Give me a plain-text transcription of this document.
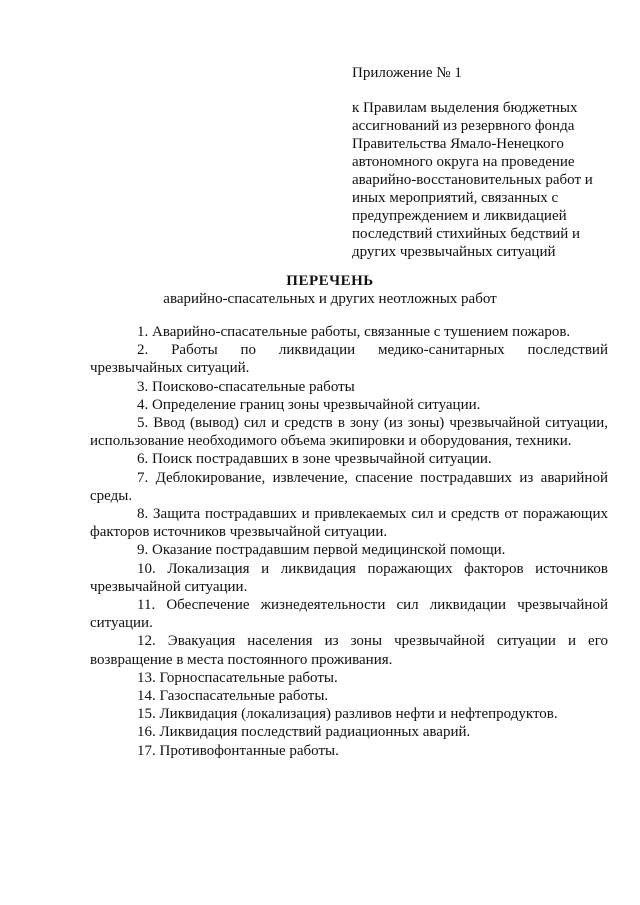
Приложение № 1

к Правилам выделения бюджетных ассигнований из резервного фонда Правительства Ямало-Ненецкого автономного округа на проведение аварийно-восстановительных работ и иных мероприятий, связанных с предупреждением и ликвидацией последствий стихийных бедствий и других чрезвычайных ситуаций

ПЕРЕЧЕНЬ
аварийно-спасательных и других неотложных работ

1. Аварийно-спасательные работы, связанные с тушением пожаров.

2. Работы по ликвидации медико-санитарных последствий чрезвычайных ситуаций.

3. Поисково-спасательные работы

4. Определение границ зоны чрезвычайной ситуации.

5. Ввод (вывод) сил и средств в зону (из зоны) чрезвычайной ситуации, использование необходимого объема экипировки и оборудования, техники.

6. Поиск пострадавших в зоне чрезвычайной ситуации.

7. Деблокирование, извлечение, спасение пострадавших из аварийной среды.

8. Защита пострадавших и привлекаемых сил и средств от поражающих факторов источников чрезвычайной ситуации.

9. Оказание пострадавшим первой медицинской помощи.

10. Локализация и ликвидация поражающих факторов источников чрезвычайной ситуации.

11. Обеспечение жизнедеятельности сил ликвидации чрезвычайной ситуации.

12. Эвакуация населения из зоны чрезвычайной ситуации и его возвращение в места постоянного проживания.

13. Горноспасательные работы.

14. Газоспасательные работы.

15. Ликвидация (локализация) разливов нефти и нефтепродуктов.

16. Ликвидация последствий радиационных аварий.

17. Противофонтанные работы.
